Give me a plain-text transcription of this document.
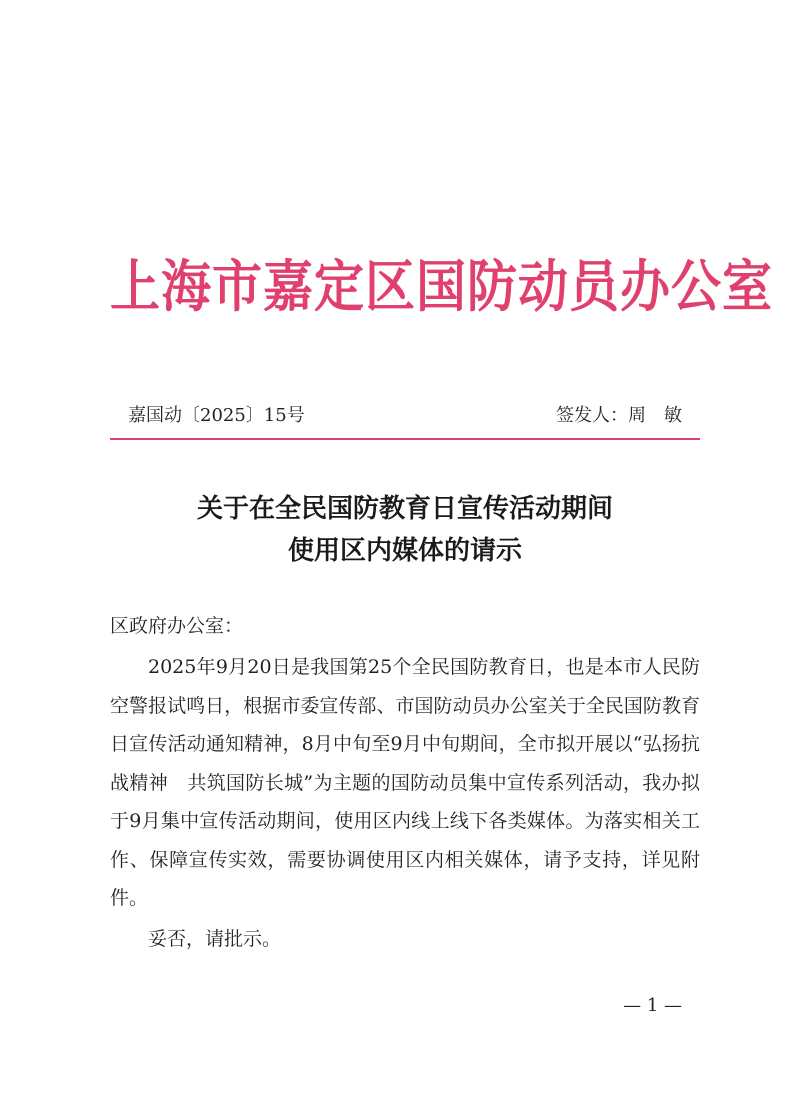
上海市嘉定区国防动员办公室
嘉国动〔2025〕15号	签发人：周敏
关于在全民国防教育日宣传活动期间
使用区内媒体的请示
区政府办公室：
2025年9月20日是我国第25个全民国防教育日，也是本市人民防空警报试鸣日，根据市委宣传部、市国防动员办公室关于全民国防教育日宣传活动通知精神，8月中旬至9月中旬期间，全市拟开展以“弘扬抗战精神　共筑国防长城”为主题的国防动员集中宣传系列活动，我办拟于9月集中宣传活动期间，使用区内线上线下各类媒体。为落实相关工作、保障宣传实效，需要协调使用区内相关媒体，请予支持，详见附件。
妥否，请批示。
— 1 —
